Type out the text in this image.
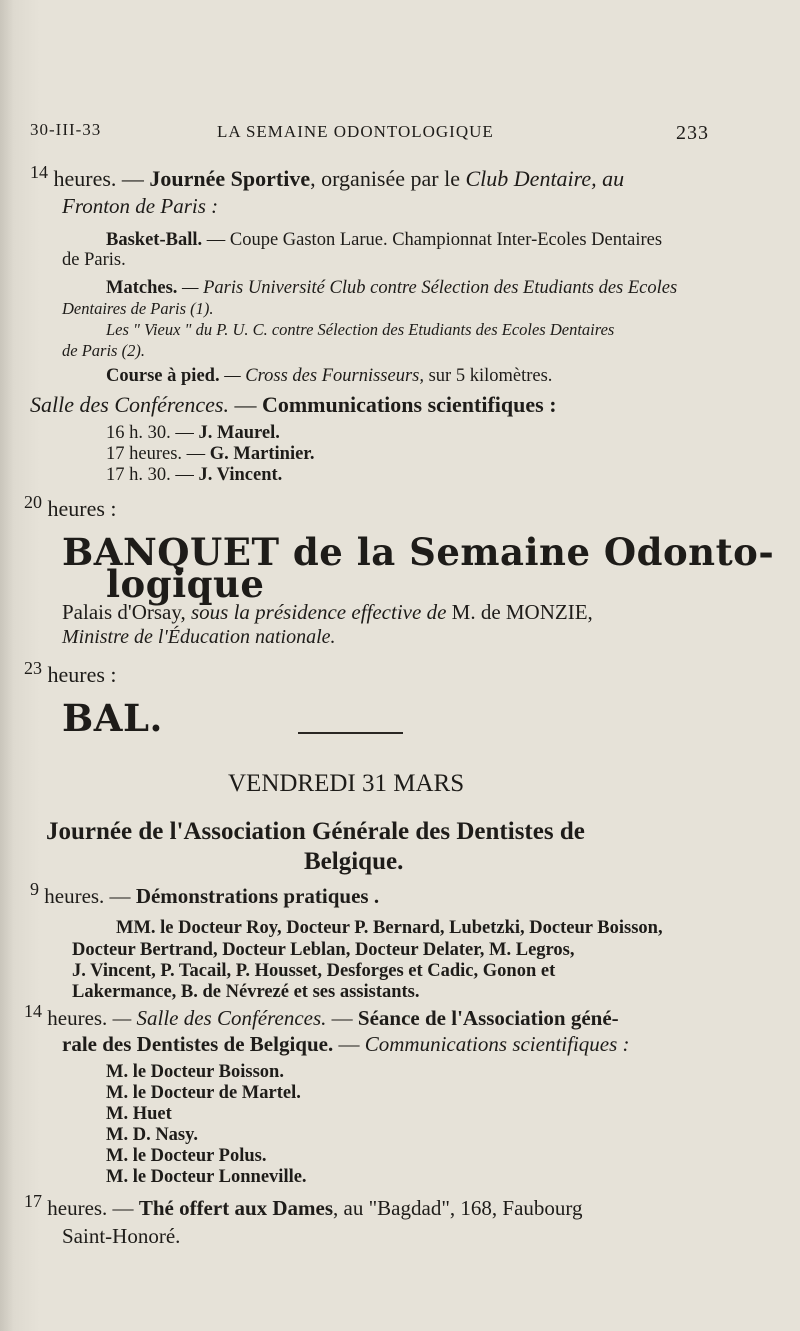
30-III-33	LA SEMAINE ODONTOLOGIQUE	233
$^{14}$ heures. — Journée Sportive, organisée par le Club Dentaire, au
Fronton de Paris :
Basket-Ball. — Coupe Gaston Larue. Championnat Inter-Ecoles Dentaires
de Paris.
Matches. — Paris Université Club contre Sélection des Etudiants des Ecoles
Dentaires de Paris (1).
Les " Vieux " du P. U. C. contre Sélection des Etudiants des Ecoles Dentaires
de Paris (2).
Course à pied. — Cross des Fournisseurs, sur 5 kilomètres.
Salle des Conférences. — Communications scientifiques :
16 h. 30. — J. Maurel.
17 heures. — G. Martinier.
17 h. 30. — J. Vincent.
$^{20}$ heures :
BANQUET de la Semaine Odonto-
logique
Palais d'Orsay, sous la présidence effective de M. de MONZIE,
Ministre de l'Éducation nationale.
$^{23}$ heures :
BAL.
VENDREDI 31 MARS
Journée de l'Association Générale des Dentistes de
Belgique.
9 heures. — Démonstrations pratiques .
MM. le Docteur Roy, Docteur P. Bernard, Lubetzki, Docteur Boisson,
Docteur Bertrand, Docteur Leblan, Docteur Delater, M. Legros,
J. Vincent, P. Tacail, P. Housset, Desforges et Cadic, Gonon et
Lakermance, B. de Névrezé et ses assistants.
14 heures. — Salle des Conférences. — Séance de l'Association géné-
rale des Dentistes de Belgique. — Communications scientifiques :
M. le Docteur Boisson.
M. le Docteur de Martel.
M. Huet
M. D. Nasy.
M. le Docteur Polus.
M. le Docteur Lonneville.
17 heures. — Thé offert aux Dames, au "Bagdad", 168, Faubourg
Saint-Honoré.
